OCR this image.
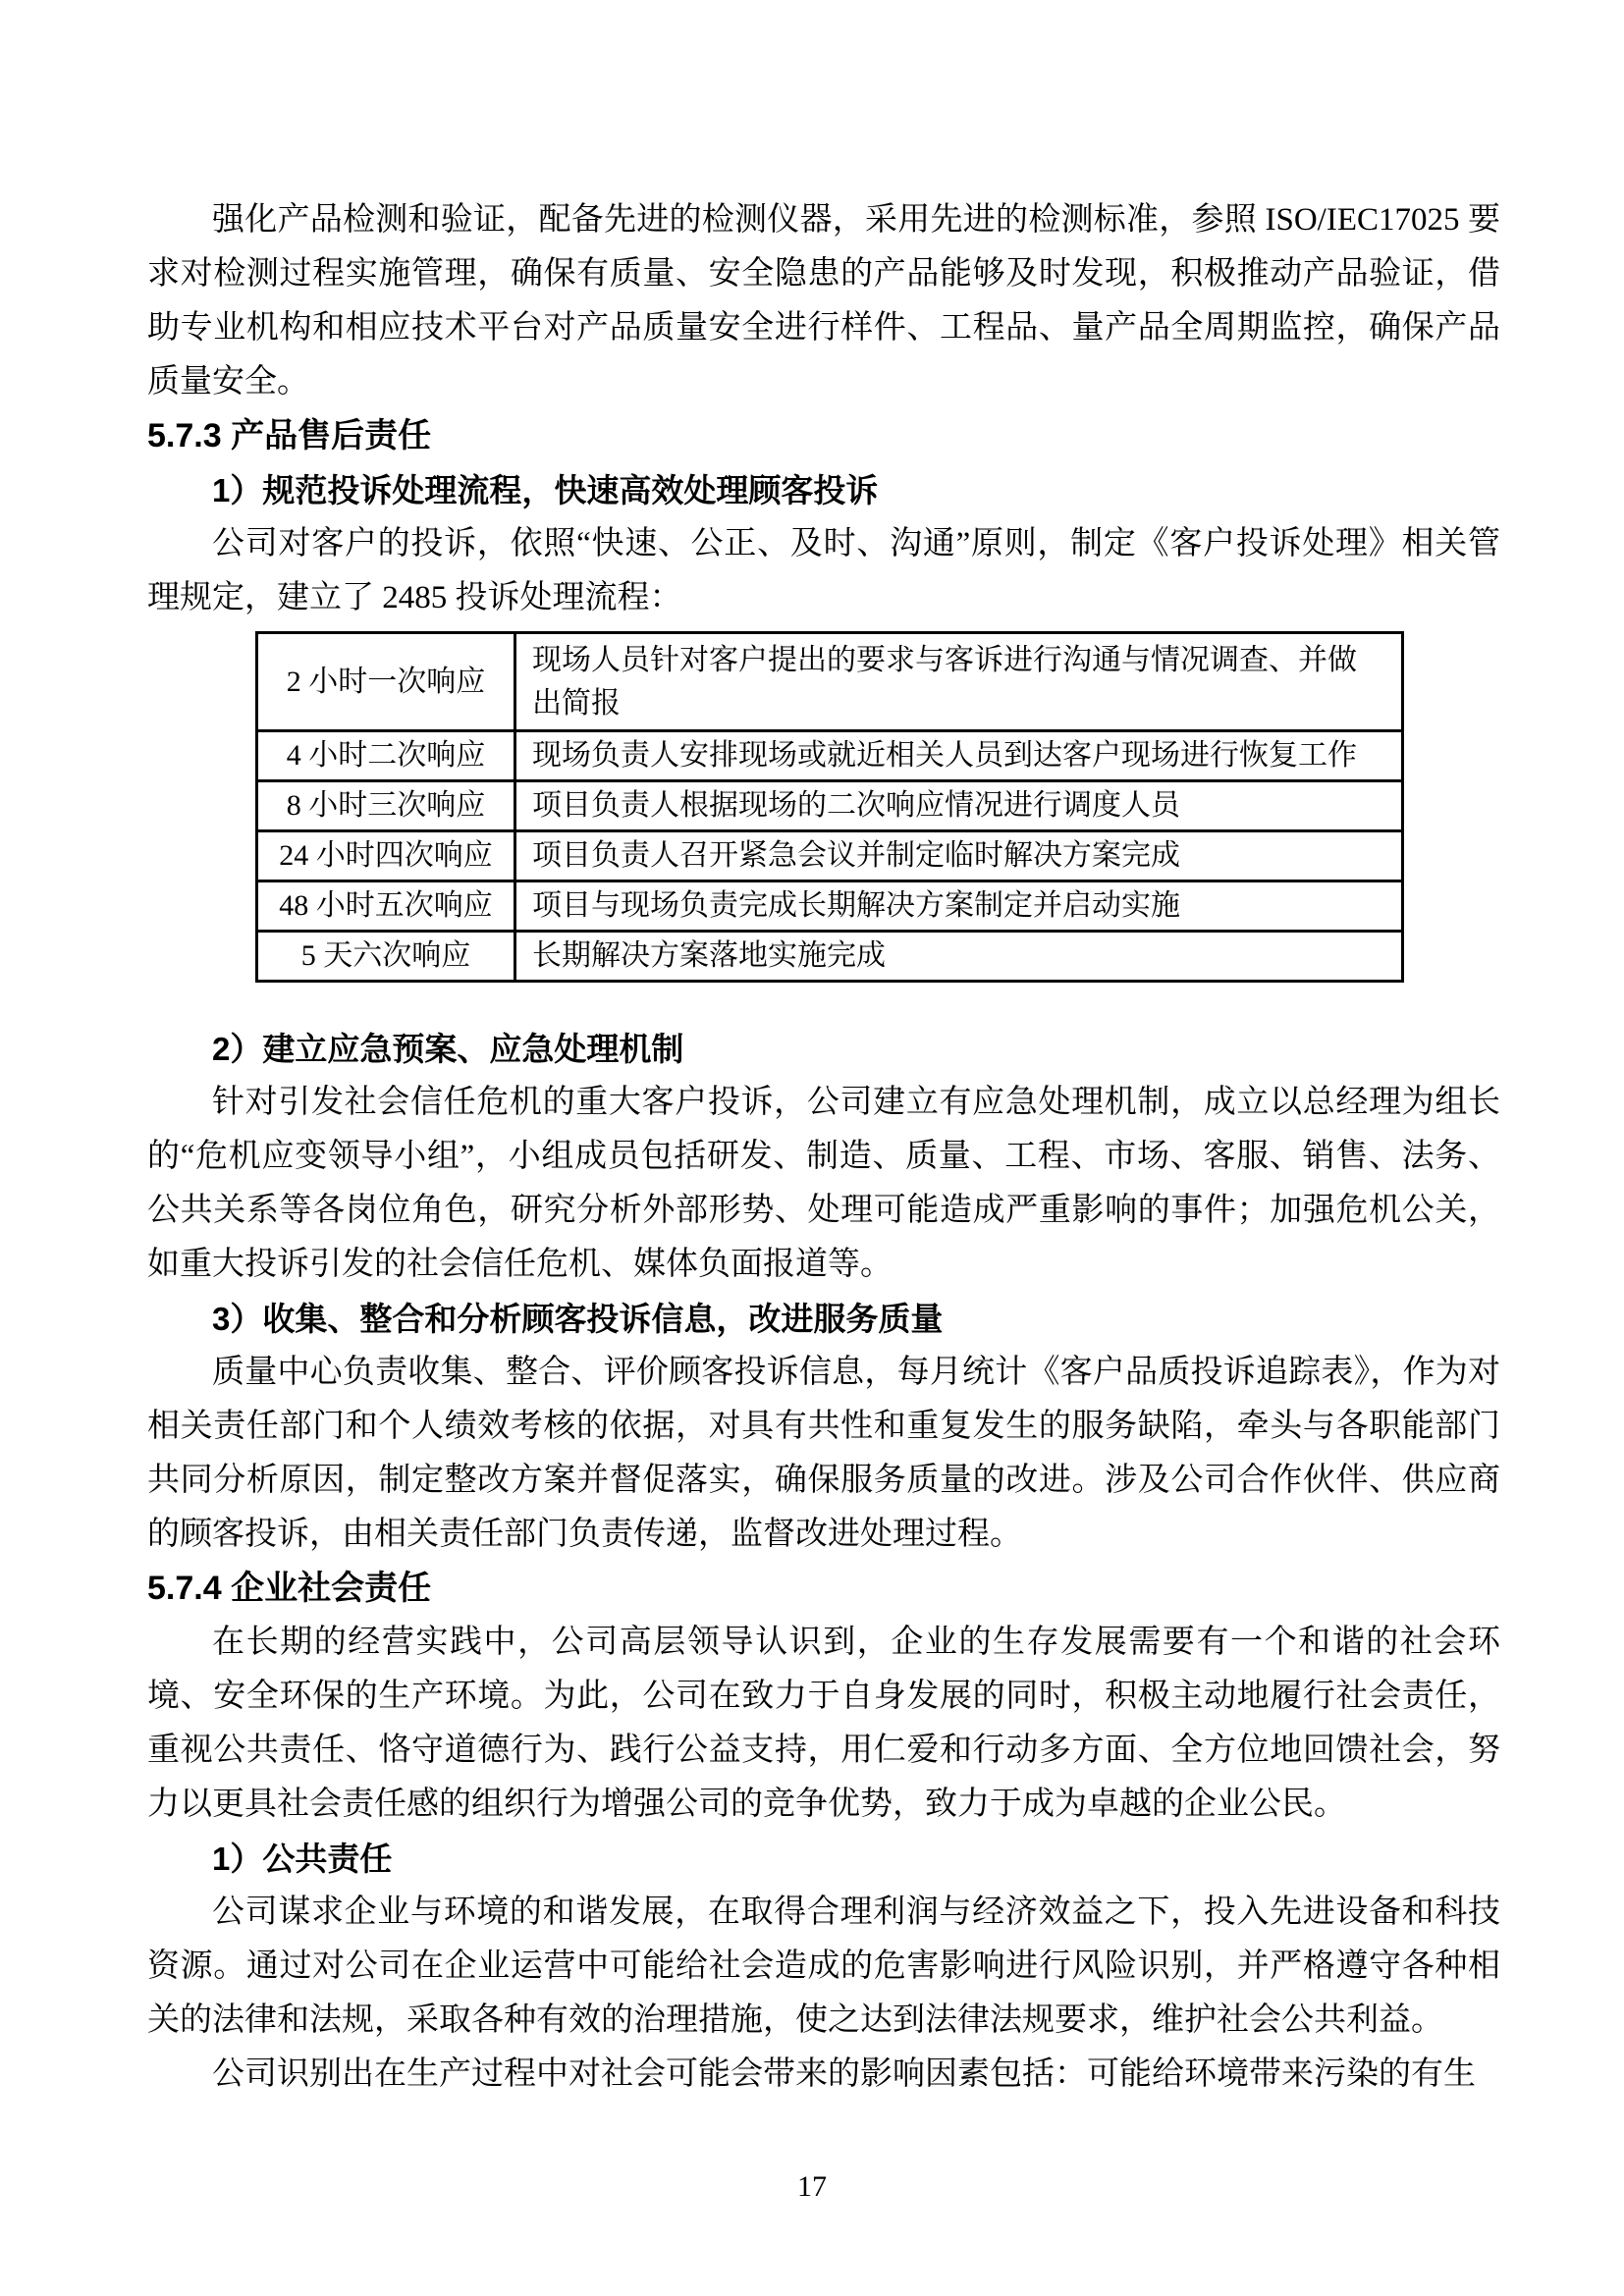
强化产品检测和验证，配备先进的检测仪器，采用先进的检测标准，参照 ISO/IEC17025 要求对检测过程实施管理，确保有质量、安全隐患的产品能够及时发现，积极推动产品验证，借助专业机构和相应技术平台对产品质量安全进行样件、工程品、量产品全周期监控，确保产品质量安全。

5.7.3 产品售后责任
1）规范投诉处理流程，快速高效处理顾客投诉

公司对客户的投诉，依照“快速、公正、及时、沟通”原则，制定《客户投诉处理》相关管理规定，建立了 2485 投诉处理流程：

2 小时一次响应	现场人员针对客户提出的要求与客诉进行沟通与情况调查、并做出简报
4 小时二次响应	现场负责人安排现场或就近相关人员到达客户现场进行恢复工作
8 小时三次响应	项目负责人根据现场的二次响应情况进行调度人员
24 小时四次响应	项目负责人召开紧急会议并制定临时解决方案完成
48 小时五次响应	项目与现场负责完成长期解决方案制定并启动实施
5 天六次响应	长期解决方案落地实施完成
2）建立应急预案、应急处理机制

针对引发社会信任危机的重大客户投诉，公司建立有应急处理机制，成立以总经理为组长的“危机应变领导小组”，小组成员包括研发、制造、质量、工程、市场、客服、销售、法务、公共关系等各岗位角色，研究分析外部形势、处理可能造成严重影响的事件；加强危机公关，如重大投诉引发的社会信任危机、媒体负面报道等。

3）收集、整合和分析顾客投诉信息，改进服务质量

质量中心负责收集、整合、评价顾客投诉信息，每月统计《客户品质投诉追踪表》，作为对相关责任部门和个人绩效考核的依据，对具有共性和重复发生的服务缺陷，牵头与各职能部门共同分析原因，制定整改方案并督促落实，确保服务质量的改进。涉及公司合作伙伴、供应商的顾客投诉，由相关责任部门负责传递，监督改进处理过程。

5.7.4 企业社会责任

在长期的经营实践中，公司高层领导认识到，企业的生存发展需要有一个和谐的社会环境、安全环保的生产环境。为此，公司在致力于自身发展的同时，积极主动地履行社会责任，重视公共责任、恪守道德行为、践行公益支持，用仁爱和行动多方面、全方位地回馈社会，努力以更具社会责任感的组织行为增强公司的竞争优势，致力于成为卓越的企业公民。

1）公共责任

公司谋求企业与环境的和谐发展，在取得合理利润与经济效益之下，投入先进设备和科技资源。通过对公司在企业运营中可能给社会造成的危害影响进行风险识别，并严格遵守各种相关的法律和法规，采取各种有效的治理措施，使之达到法律法规要求，维护社会公共利益。

公司识别出在生产过程中对社会可能会带来的影响因素包括：可能给环境带来污染的有生

17
